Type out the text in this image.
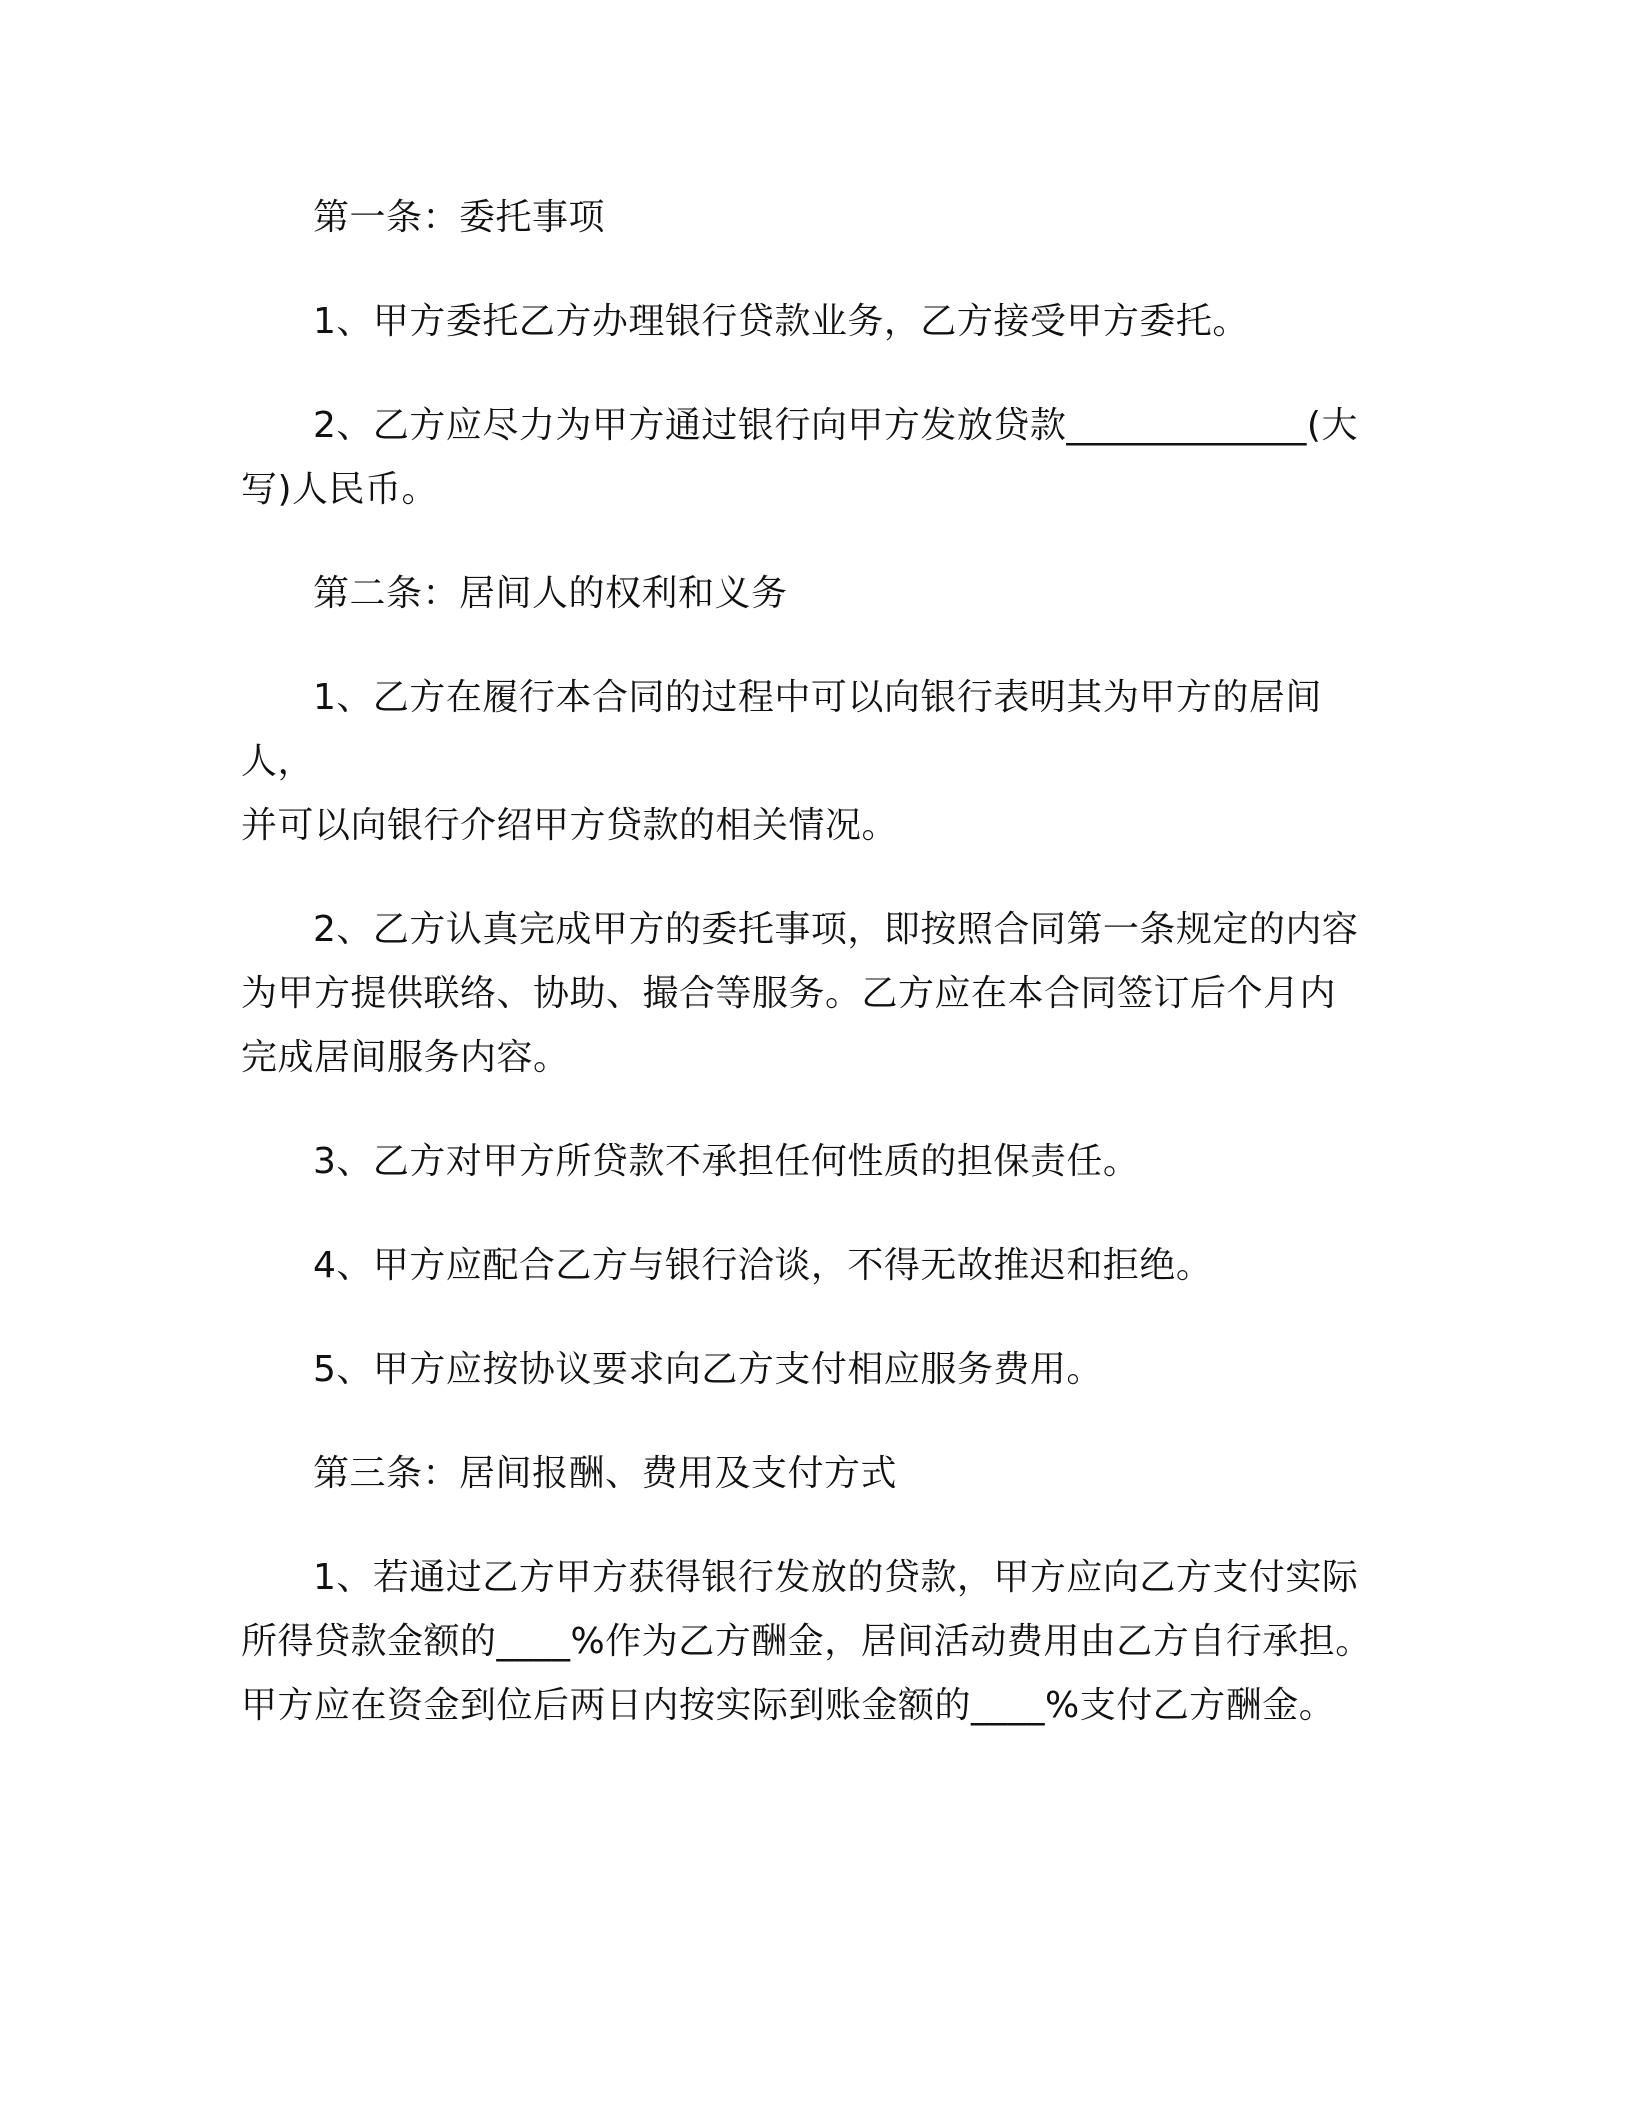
第一条：委托事项

1、甲方委托乙方办理银行贷款业务，乙方接受甲方委托。

2、乙方应尽力为甲方通过银行向甲方发放贷款_____________(大
写)人民币。

第二条：居间人的权利和义务

1、乙方在履行本合同的过程中可以向银行表明其为甲方的居间人，
并可以向银行介绍甲方贷款的相关情况。

2、乙方认真完成甲方的委托事项，即按照合同第一条规定的内容
为甲方提供联络、协助、撮合等服务。乙方应在本合同签订后个月内
完成居间服务内容。

3、乙方对甲方所贷款不承担任何性质的担保责任。

4、甲方应配合乙方与银行洽谈，不得无故推迟和拒绝。

5、甲方应按协议要求向乙方支付相应服务费用。

第三条：居间报酬、费用及支付方式

1、若通过乙方甲方获得银行发放的贷款，甲方应向乙方支付实际
所得贷款金额的____%作为乙方酬金，居间活动费用由乙方自行承担。
甲方应在资金到位后两日内按实际到账金额的____%支付乙方酬金。
